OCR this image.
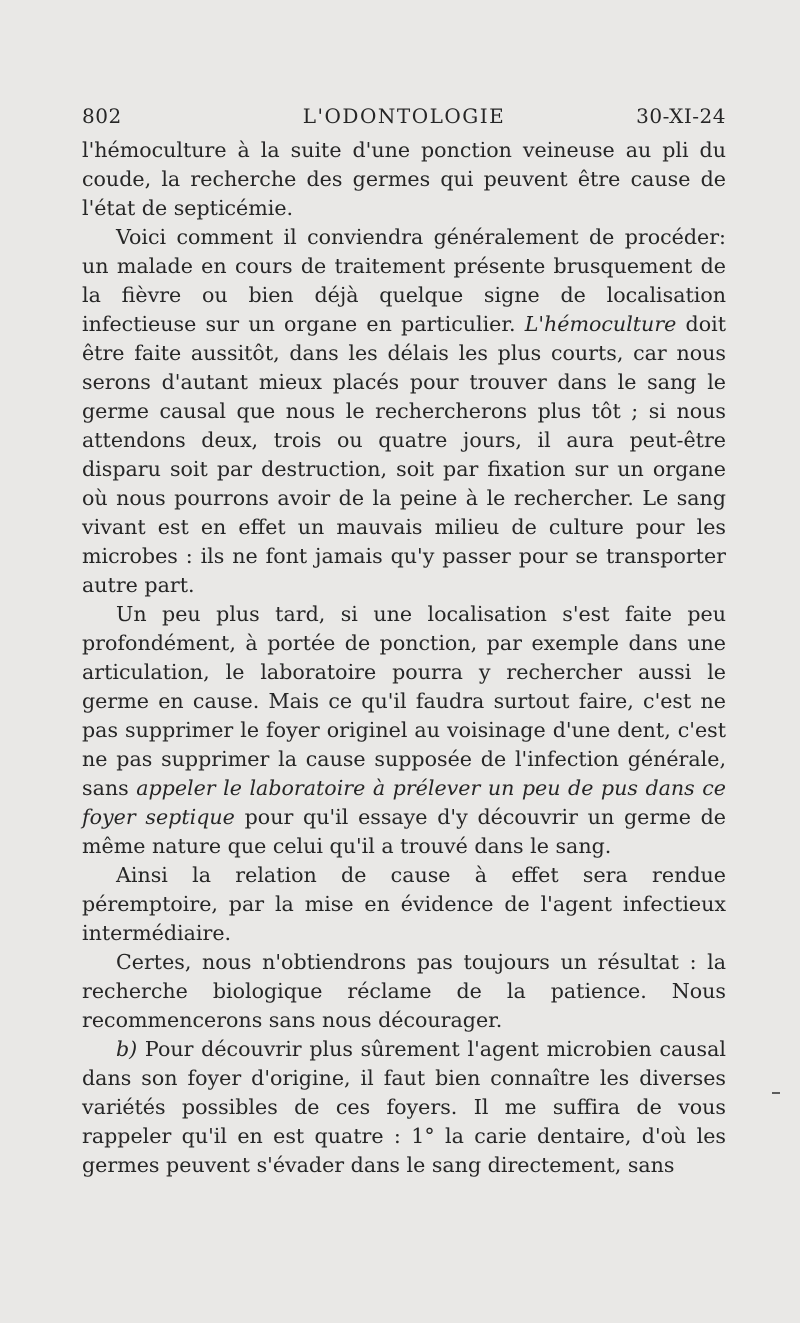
802	L'ODONTOLOGIE	30-XI-24

l'hémoculture à la suite d'une ponction veineuse au pli du coude, la recherche des germes qui peuvent être cause de l'état de septicémie.

Voici comment il conviendra généralement de procéder: un malade en cours de traitement présente brusquement de la fièvre ou bien déjà quelque signe de localisation infectieuse sur un organe en particulier. L'hémoculture doit être faite aussitôt, dans les délais les plus courts, car nous serons d'autant mieux placés pour trouver dans le sang le germe causal que nous le rechercherons plus tôt ; si nous attendons deux, trois ou quatre jours, il aura peut-être disparu soit par destruction, soit par fixation sur un organe où nous pourrons avoir de la peine à le rechercher. Le sang vivant est en effet un mauvais milieu de culture pour les microbes : ils ne font jamais qu'y passer pour se transporter autre part.

Un peu plus tard, si une localisation s'est faite peu profondément, à portée de ponction, par exemple dans une articulation, le laboratoire pourra y rechercher aussi le germe en cause. Mais ce qu'il faudra surtout faire, c'est ne pas supprimer le foyer originel au voisinage d'une dent, c'est ne pas supprimer la cause supposée de l'infection générale, sans appeler le laboratoire à prélever un peu de pus dans ce foyer septique pour qu'il essaye d'y découvrir un germe de même nature que celui qu'il a trouvé dans le sang.

Ainsi la relation de cause à effet sera rendue péremptoire, par la mise en évidence de l'agent infectieux intermédiaire.

Certes, nous n'obtiendrons pas toujours un résultat : la recherche biologique réclame de la patience. Nous recommencerons sans nous décourager.

b) Pour découvrir plus sûrement l'agent microbien causal dans son foyer d'origine, il faut bien connaître les diverses variétés possibles de ces foyers. Il me suffira de vous rappeler qu'il en est quatre : 1° la carie dentaire, d'où les germes peuvent s'évader dans le sang directement, sans
